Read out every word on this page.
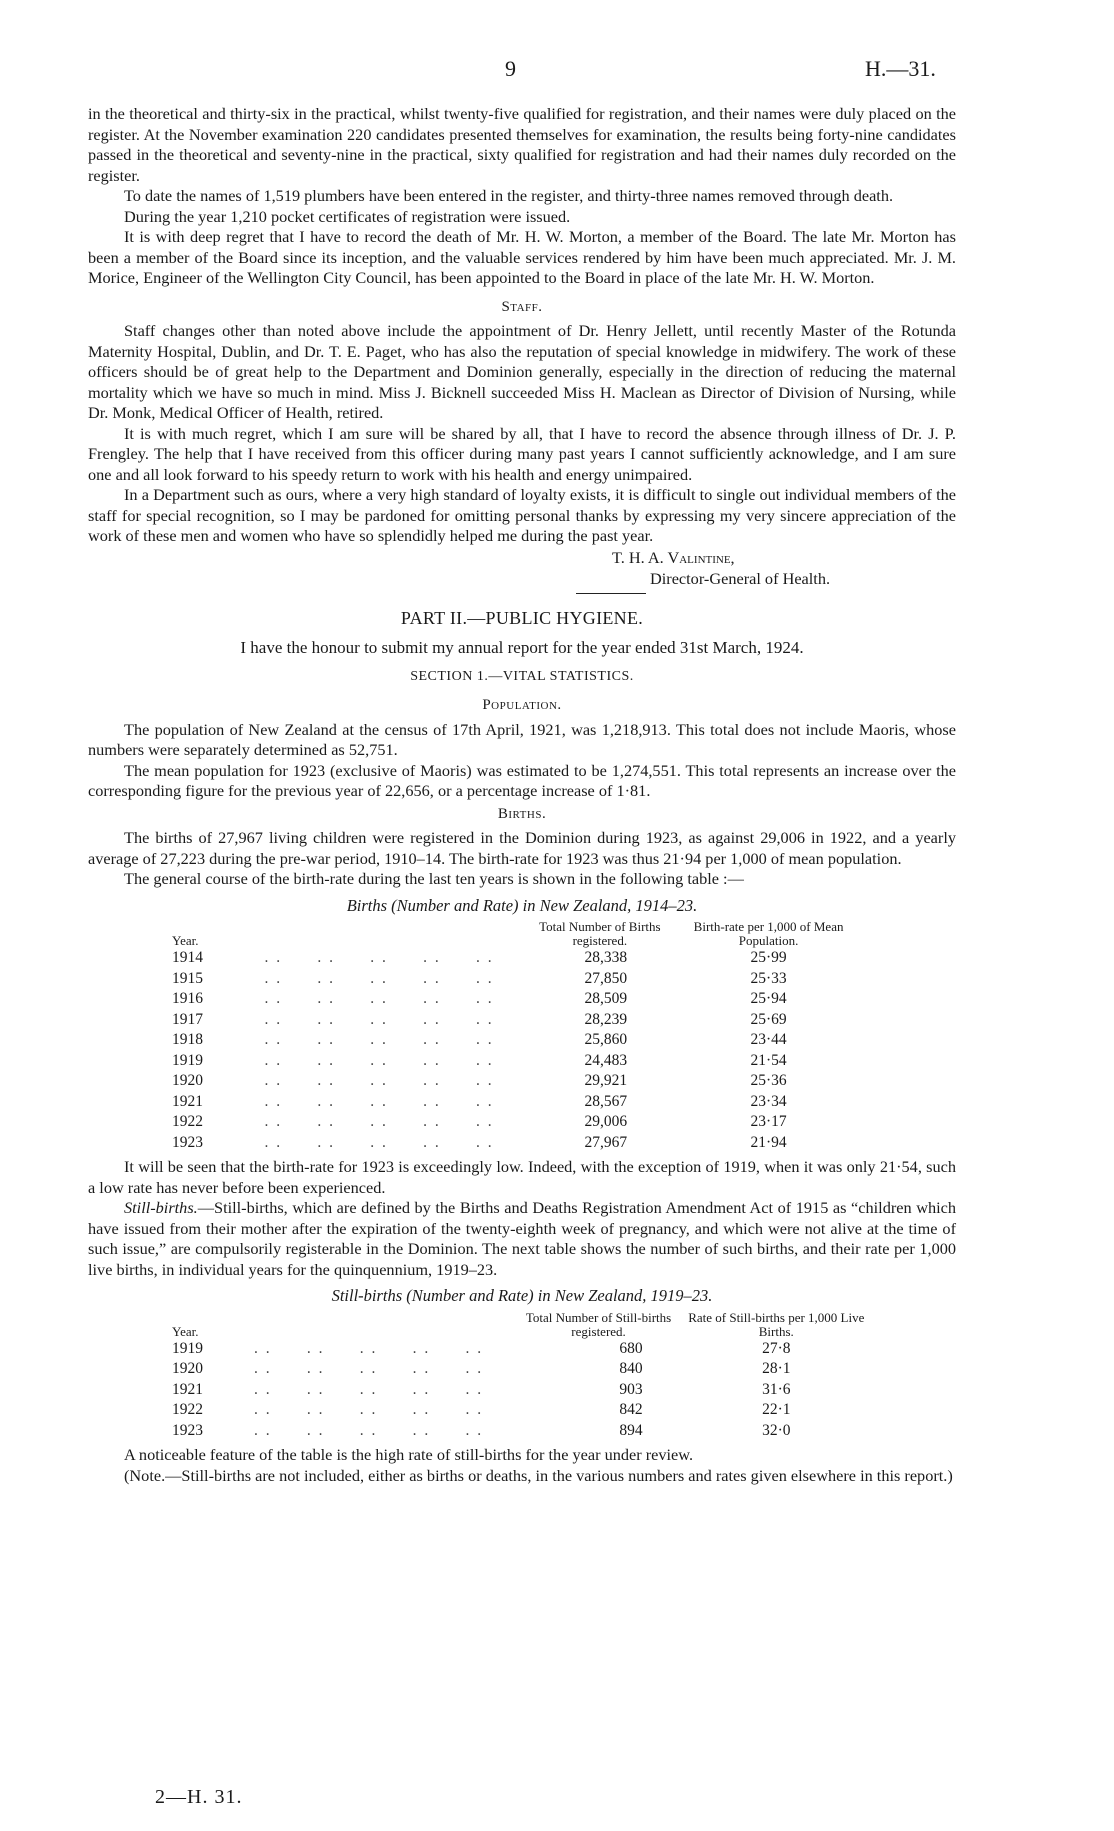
9	H.—31.

in the theoretical and thirty-six in the practical, whilst twenty-five qualified for registration, and their names were duly placed on the register. At the November examination 220 candidates presented themselves for examination, the results being forty-nine candidates passed in the theoretical and seventy-nine in the practical, sixty qualified for registration and had their names duly recorded on the register.

To date the names of 1,519 plumbers have been entered in the register, and thirty-three names removed through death.

During the year 1,210 pocket certificates of registration were issued.

It is with deep regret that I have to record the death of Mr. H. W. Morton, a member of the Board. The late Mr. Morton has been a member of the Board since its inception, and the valuable services rendered by him have been much appreciated. Mr. J. M. Morice, Engineer of the Wellington City Council, has been appointed to the Board in place of the late Mr. H. W. Morton.

Staff.

Staff changes other than noted above include the appointment of Dr. Henry Jellett, until recently Master of the Rotunda Maternity Hospital, Dublin, and Dr. T. E. Paget, who has also the reputation of special knowledge in midwifery. The work of these officers should be of great help to the Department and Dominion generally, especially in the direction of reducing the maternal mortality which we have so much in mind. Miss J. Bicknell succeeded Miss H. Maclean as Director of Division of Nursing, while Dr. Monk, Medical Officer of Health, retired.

It is with much regret, which I am sure will be shared by all, that I have to record the absence through illness of Dr. J. P. Frengley. The help that I have received from this officer during many past years I cannot sufficiently acknowledge, and I am sure one and all look forward to his speedy return to work with his health and energy unimpaired.

In a Department such as ours, where a very high standard of loyalty exists, it is difficult to single out individual members of the staff for special recognition, so I may be pardoned for omitting personal thanks by expressing my very sincere appreciation of the work of these men and women who have so splendidly helped me during the past year.

T. H. A. Valintine,
Director-General of Health.
PART II.—PUBLIC HYGIENE.
I have the honour to submit my annual report for the year ended 31st March, 1924.
SECTION 1.—VITAL STATISTICS.
Population.

The population of New Zealand at the census of 17th April, 1921, was 1,218,913. This total does not include Maoris, whose numbers were separately determined as 52,751.

The mean population for 1923 (exclusive of Maoris) was estimated to be 1,274,551. This total represents an increase over the corresponding figure for the previous year of 22,656, or a percentage increase of 1·81.

Births.

The births of 27,967 living children were registered in the Dominion during 1923, as against 29,006 in 1922, and a yearly average of 27,223 during the pre-war period, 1910–14. The birth-rate for 1923 was thus 21·94 per 1,000 of mean population.

The general course of the birth-rate during the last ten years is shown in the following table :—

Births (Number and Rate) in New Zealand, 1914–23.
Year.		Total Number of Births registered.	Birth-rate per 1,000 of Mean Population.
1914	. .      . .      . .      . .      . .	28,338	25·99
1915	. .      . .      . .      . .      . .	27,850	25·33
1916	. .      . .      . .      . .      . .	28,509	25·94
1917	. .      . .      . .      . .      . .	28,239	25·69
1918	. .      . .      . .      . .      . .	25,860	23·44
1919	. .      . .      . .      . .      . .	24,483	21·54
1920	. .      . .      . .      . .      . .	29,921	25·36
1921	. .      . .      . .      . .      . .	28,567	23·34
1922	. .      . .      . .      . .      . .	29,006	23·17
1923	. .      . .      . .      . .      . .	27,967	21·94

It will be seen that the birth-rate for 1923 is exceedingly low. Indeed, with the exception of 1919, when it was only 21·54, such a low rate has never before been experienced.

Still-births.—Still-births, which are defined by the Births and Deaths Registration Amendment Act of 1915 as “children which have issued from their mother after the expiration of the twenty-eighth week of pregnancy, and which were not alive at the time of such issue,” are compulsorily registerable in the Dominion. The next table shows the number of such births, and their rate per 1,000 live births, in individual years for the quinquennium, 1919–23.

Still-births (Number and Rate) in New Zealand, 1919–23.
Year.		Total Number of Still-births registered.	Rate of Still-births per 1,000 Live Births.
1919	. .      . .      . .      . .      . .	680	27·8
1920	. .      . .      . .      . .      . .	840	28·1
1921	. .      . .      . .      . .      . .	903	31·6
1922	. .      . .      . .      . .      . .	842	22·1
1923	. .      . .      . .      . .      . .	894	32·0

A noticeable feature of the table is the high rate of still-births for the year under review.

(Note.—Still-births are not included, either as births or deaths, in the various numbers and rates given elsewhere in this report.)

2—H. 31.
